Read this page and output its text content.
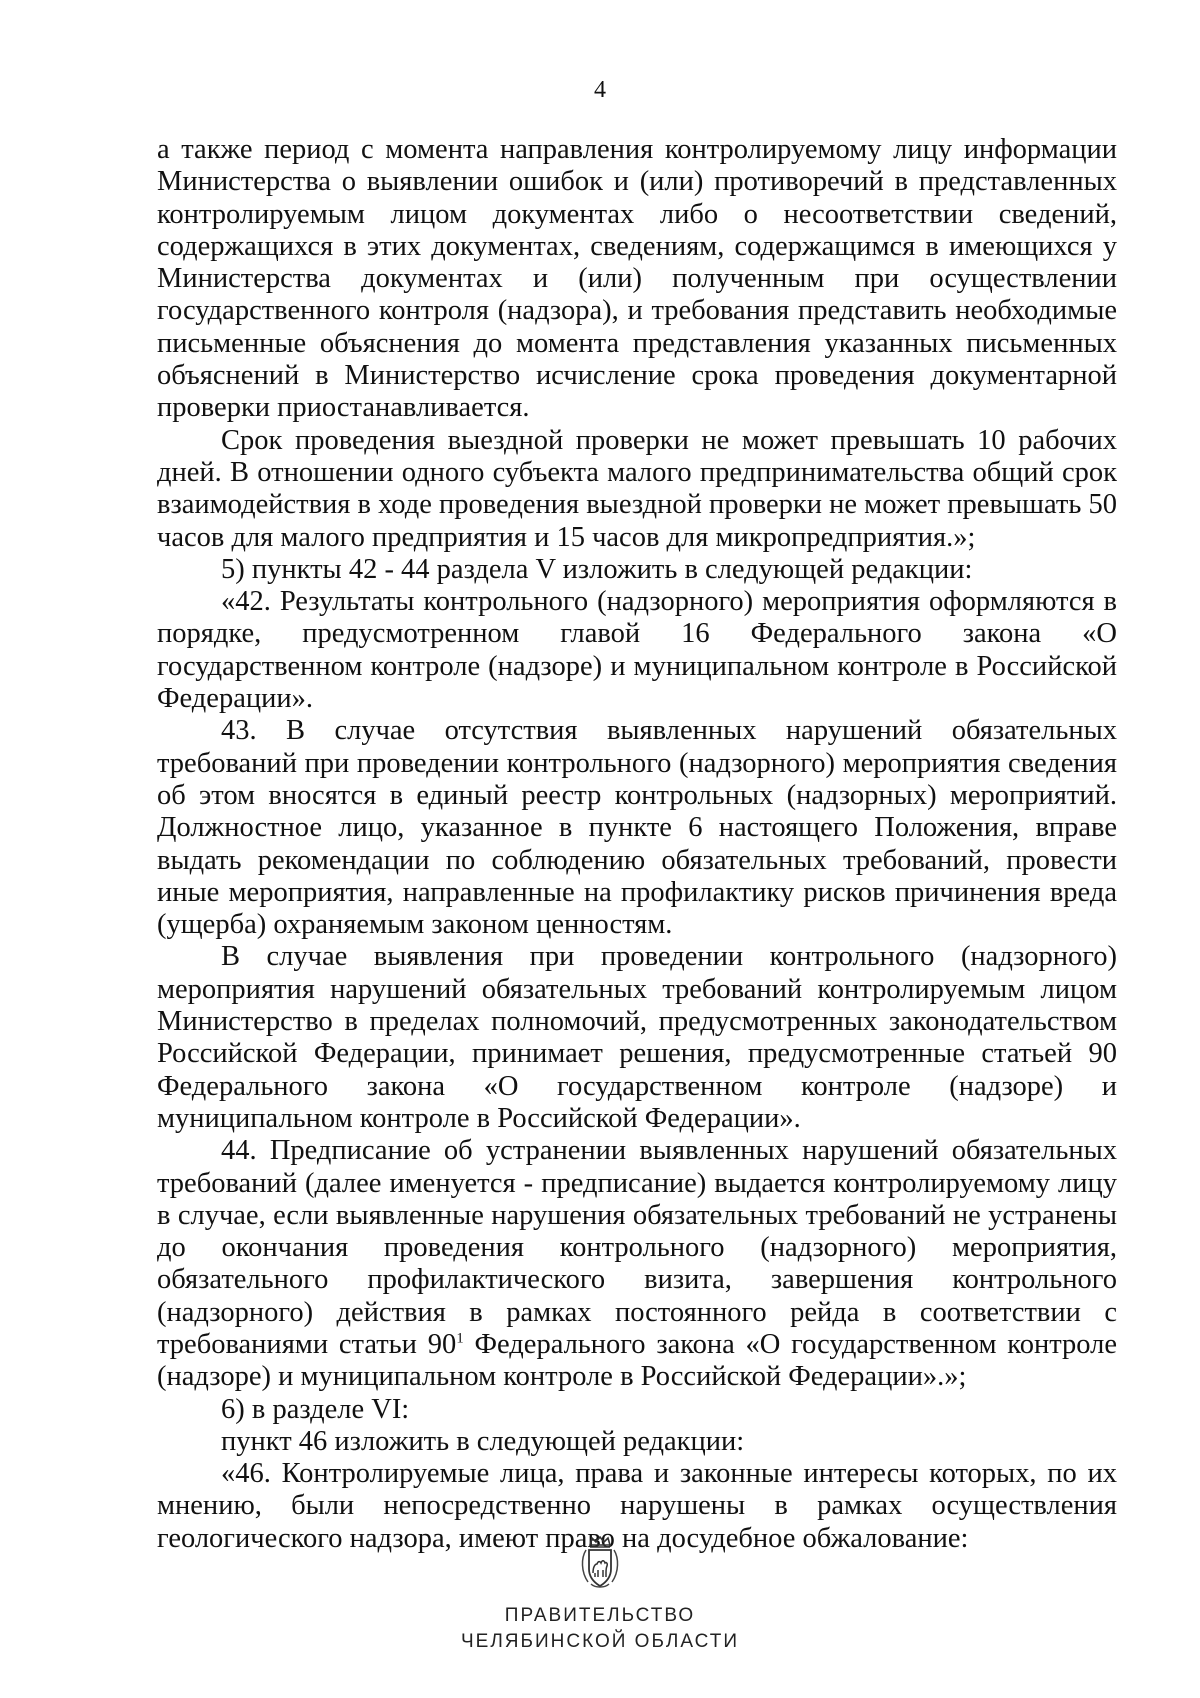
4

а также период с момента направления контролируемому лицу информации Министерства о выявлении ошибок и (или) противоречий в представленных контролируемым лицом документах либо о несоответствии сведений, содержащихся в этих документах, сведениям, содержащимся в имеющихся у Министерства документах и (или) полученным при осуществлении государственного контроля (надзора), и требования представить необходимые письменные объяснения до момента представления указанных письменных объяснений в Министерство исчисление срока проведения документарной проверки приостанавливается.

Срок проведения выездной проверки не может превышать 10 рабочих дней. В отношении одного субъекта малого предпринимательства общий срок взаимодействия в ходе проведения выездной проверки не может превышать 50 часов для малого предприятия и 15 часов для микропредприятия.»;

5) пункты 42 - 44 раздела V изложить в следующей редакции:

«42. Результаты контрольного (надзорного) мероприятия оформляются в порядке, предусмотренном главой 16 Федерального закона «О государственном контроле (надзоре) и муниципальном контроле в Российской Федерации».

43. В случае отсутствия выявленных нарушений обязательных требований при проведении контрольного (надзорного) мероприятия сведения об этом вносятся в единый реестр контрольных (надзорных) мероприятий. Должностное лицо, указанное в пункте 6 настоящего Положения, вправе выдать рекомендации по соблюдению обязательных требований, провести иные мероприятия, направленные на профилактику рисков причинения вреда (ущерба) охраняемым законом ценностям.

В случае выявления при проведении контрольного (надзорного) мероприятия нарушений обязательных требований контролируемым лицом Министерство в пределах полномочий, предусмотренных законодательством Российской Федерации, принимает решения, предусмотренные статьей 90 Федерального закона «О государственном контроле (надзоре) и муниципальном контроле в Российской Федерации».

44. Предписание об устранении выявленных нарушений обязательных требований (далее именуется - предписание) выдается контролируемому лицу в случае, если выявленные нарушения обязательных требований не устранены до окончания проведения контрольного (надзорного) мероприятия, обязательного профилактического визита, завершения контрольного (надзорного) действия в рамках постоянного рейда в соответствии с требованиями статьи 90$^1$ Федерального закона «О государственном контроле (надзоре) и муниципальном контроле в Российской Федерации».»;

6) в разделе VI:

пункт 46 изложить в следующей редакции:

«46. Контролируемые лица, права и законные интересы которых, по их мнению, были непосредственно нарушены в рамках осуществления геологического надзора, имеют право на досудебное обжалование:

ПРАВИТЕЛЬСТВО
ЧЕЛЯБИНСКОЙ ОБЛАСТИ
